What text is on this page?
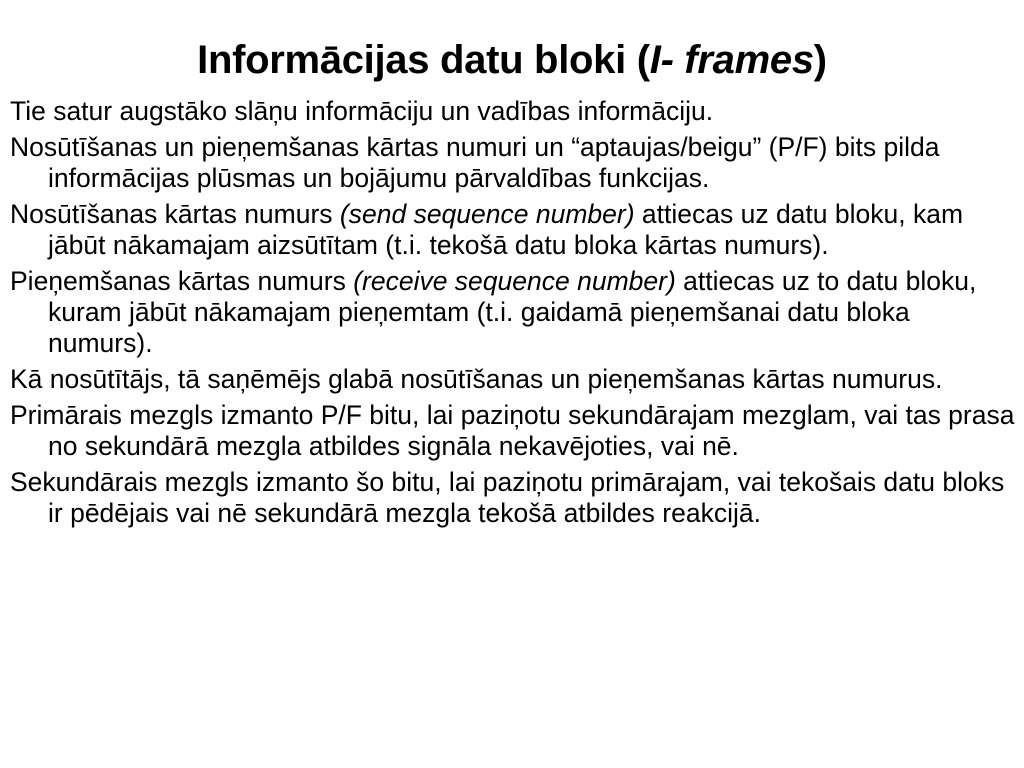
Informācijas datu bloki (I- frames)
Tie satur augstāko slāņu informāciju un vadības informāciju.
Nosūtīšanas un pieņemšanas kārtas numuri un “aptaujas/beigu” (P/F) bits pilda informācijas plūsmas un bojājumu pārvaldības funkcijas.
Nosūtīšanas kārtas numurs (send sequence number) attiecas uz datu bloku, kam jābūt nākamajam aizsūtītam (t.i. tekošā datu bloka kārtas numurs).
Pieņemšanas kārtas numurs (receive sequence number) attiecas uz to datu bloku, kuram jābūt nākamajam pieņemtam (t.i. gaidamā pieņemšanai datu bloka numurs).
Kā nosūtītājs, tā saņēmējs glabā nosūtīšanas un pieņemšanas kārtas numurus.
Primārais mezgls izmanto P/F bitu, lai paziņotu sekundārajam mezglam, vai tas prasa no sekundārā mezgla atbildes signāla nekavējoties, vai nē.
Sekundārais mezgls izmanto šo bitu, lai paziņotu primārajam, vai tekošais datu bloks ir pēdējais vai nē sekundārā mezgla tekošā atbildes reakcijā.
